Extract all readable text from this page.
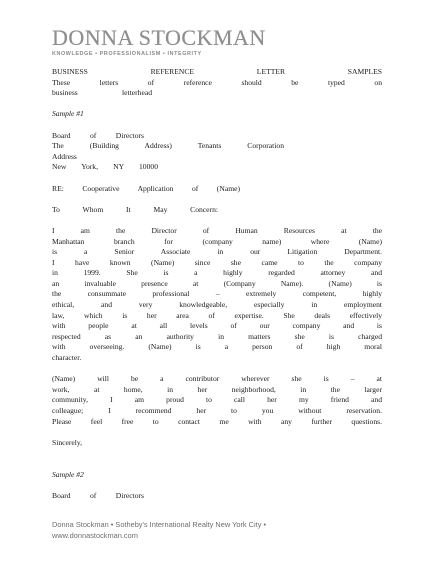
DONNA STOCKMAN
KNOWLEDGE • PROFESSIONALISM • INTEGRITY
BUSINESS REFERENCE LETTER SAMPLES
These letters of reference should be typed on
business letterhead
Sample #1
Board of Directors
The (Building Address) Tenants Corporation
Address
New York, NY 10000
RE: Cooperative Application of (Name)
To Whom It May Concern:
I am the Director of Human Resources at the
Manhattan branch for (company name) where (Name)
is a Senior Associate in our Litigation Department.
I have known (Name) since she came to the company
in 1999. She is a highly regarded attorney and
an invaluable presence at (Company Name). (Name) is
the consummate professional – extremely competent, highly
ethical, and very knowledgeable, especially in employment
law, which is her area of expertise. She deals effectively
with people at all levels of our company and is
respected as an authority in matters she is charged
with overseeing. (Name) is a person of high moral
character.
(Name) will be a contributor wherever she is – at
work, at home, in her neighborhood, in the larger
community, I am proud to call her my friend and
colleague; I recommend her to you without reservation.
Please feel free to contact me with any further questions.
Sincerely,
Sample #2
Board of Directors
Donna Stockman • Sotheby's International Realty New York City •
www.donnastockman.com
